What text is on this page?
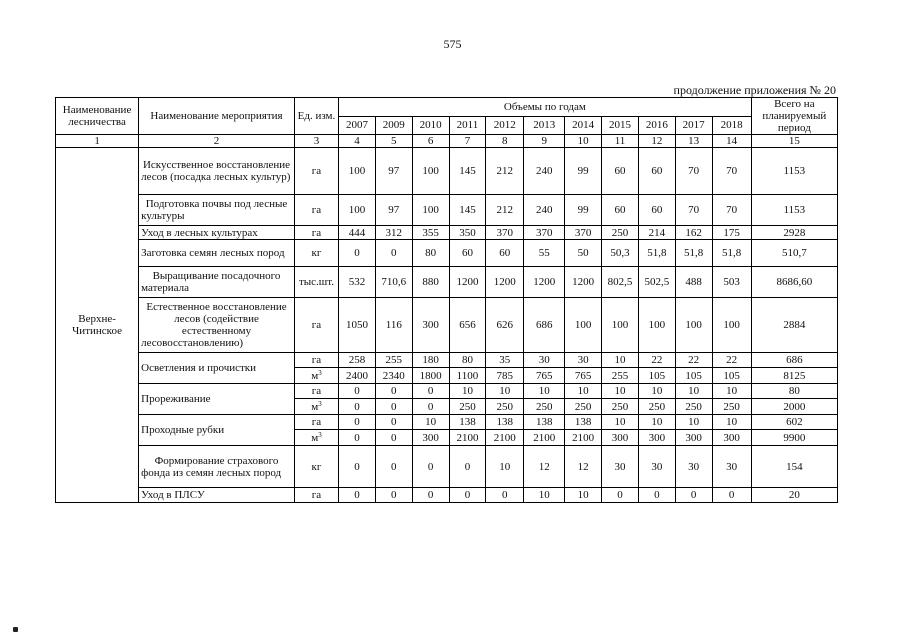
575
продолжение приложения № 20
Наименование лесничества	Наименование мероприятия	Ед. изм.	Объемы по годам											Всего на планируемый период
			2007	2009	2010	2011	2012	2013	2014	2015	2016	2017	2018	
1	2	3	4	5	6	7	8	9	10	11	12	13	14	15
Верхне-Читинское	Искусственное восстановление лесов (посадка лесных культур)	га	100	97	100	145	212	240	99	60	60	70	70	1153
	Подготовка почвы под лесные культуры	га	100	97	100	145	212	240	99	60	60	70	70	1153
	Уход в лесных культурах	га	444	312	355	350	370	370	370	250	214	162	175	2928
	Заготовка семян лесных пород	кг	0	0	80	60	60	55	50	50,3	51,8	51,8	51,8	510,7
	Выращивание посадочного материала	тыс.шт.	532	710,6	880	1200	1200	1200	1200	802,5	502,5	488	503	8686,60
	Естественное восстановление лесов (содействие естественному лесовосстановлению)	га	1050	116	300	656	626	686	100	100	100	100	100	2884
	Осветления и прочистки	га	258	255	180	80	35	30	30	10	22	22	22	686
		$м^3$	2400	2340	1800	1100	785	765	765	255	105	105	105	8125
	Прореживание	га	0	0	0	10	10	10	10	10	10	10	10	80
		$м^3$	0	0	0	250	250	250	250	250	250	250	250	2000
	Проходные рубки	га	0	0	10	138	138	138	138	10	10	10	10	602
		$м^3$	0	0	300	2100	2100	2100	2100	300	300	300	300	9900
	Формирование страхового фонда из семян лесных пород	кг	0	0	0	0	10	12	12	30	30	30	30	154
	Уход в ПЛСУ	га	0	0	0	0	0	10	10	0	0	0	0	20
